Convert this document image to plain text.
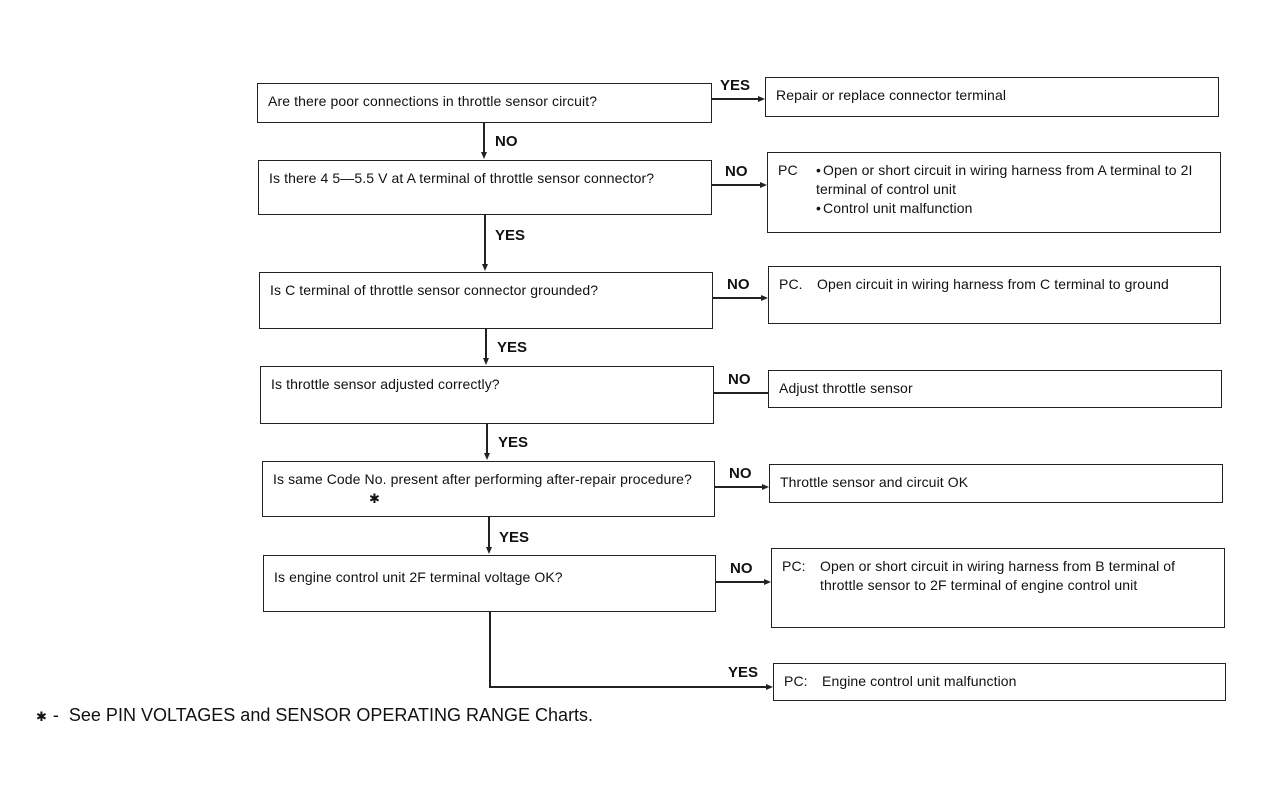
Are there poor connections in throttle sensor circuit?
Is there 4 5—5.5 V at A terminal of throttle sensor connector?
Is C terminal of throttle sensor connector grounded?
Is throttle sensor adjusted correctly?
Is same Code No. present after performing after-repair procedure?
✱
Is engine control unit 2F terminal voltage OK?
Repair or replace connector terminal
PC
•	Open or short circuit in wiring harness from A terminal to 2I terminal of control unit
• Control unit malfunction
PC. Open circuit in wiring harness from C terminal to ground
Adjust throttle sensor
Throttle sensor and circuit OK
PC: Open or short circuit in wiring harness from B terminal of throttle sensor to 2F terminal of engine control unit
PC: Engine control unit malfunction
YES
NO
NO
YES
NO
YES
NO
YES
NO
YES
NO
YES
✱ - See PIN VOLTAGES and SENSOR OPERATING RANGE Charts.
